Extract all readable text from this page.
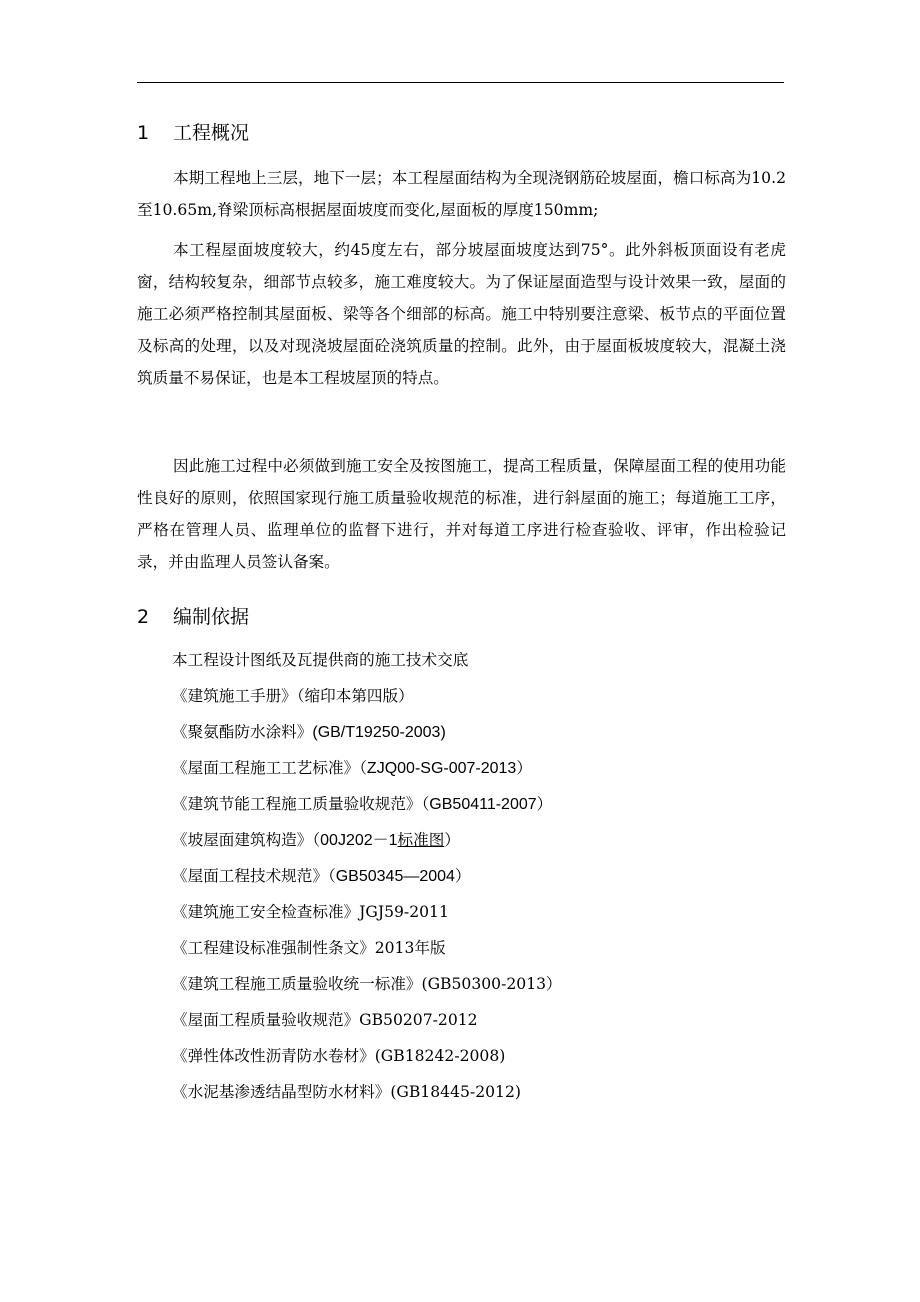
1 工程概况
本期工程地上三层，地下一层；本工程屋面结构为全现浇钢筋砼坡屋面，檐口标高为10.2至10.65m,脊梁顶标高根据屋面坡度而变化,屋面板的厚度150mm;
本工程屋面坡度较大，约45度左右，部分坡屋面坡度达到75°。此外斜板顶面设有老虎窗，结构较复杂，细部节点较多，施工难度较大。为了保证屋面造型与设计效果一致，屋面的施工必须严格控制其屋面板、梁等各个细部的标高。施工中特别要注意梁、板节点的平面位置及标高的处理，以及对现浇坡屋面砼浇筑质量的控制。此外，由于屋面板坡度较大，混凝土浇筑质量不易保证，也是本工程坡屋顶的特点。
因此施工过程中必须做到施工安全及按图施工，提高工程质量，保障屋面工程的使用功能性良好的原则，依照国家现行施工质量验收规范的标准，进行斜屋面的施工；每道施工工序，严格在管理人员、监理单位的监督下进行，并对每道工序进行检查验收、评审，作出检验记录，并由监理人员签认备案。
2 编制依据
本工程设计图纸及瓦提供商的施工技术交底
《建筑施工手册》（缩印本第四版）
《聚氨酯防水涂料》(GB/T19250-2003)
《屋面工程施工工艺标准》（ZJQ00-SG-007-2013）
《建筑节能工程施工质量验收规范》（GB50411-2007）
《坡屋面建筑构造》（00J202－1标准图）
《屋面工程技术规范》（GB50345—2004）
《建筑施工安全检查标准》JGJ59-2011
《工程建设标准强制性条文》2013年版
《建筑工程施工质量验收统一标准》(GB50300-2013）
《屋面工程质量验收规范》GB50207-2012
《弹性体改性沥青防水卷材》(GB18242-2008)
《水泥基渗透结晶型防水材料》(GB18445-2012)
